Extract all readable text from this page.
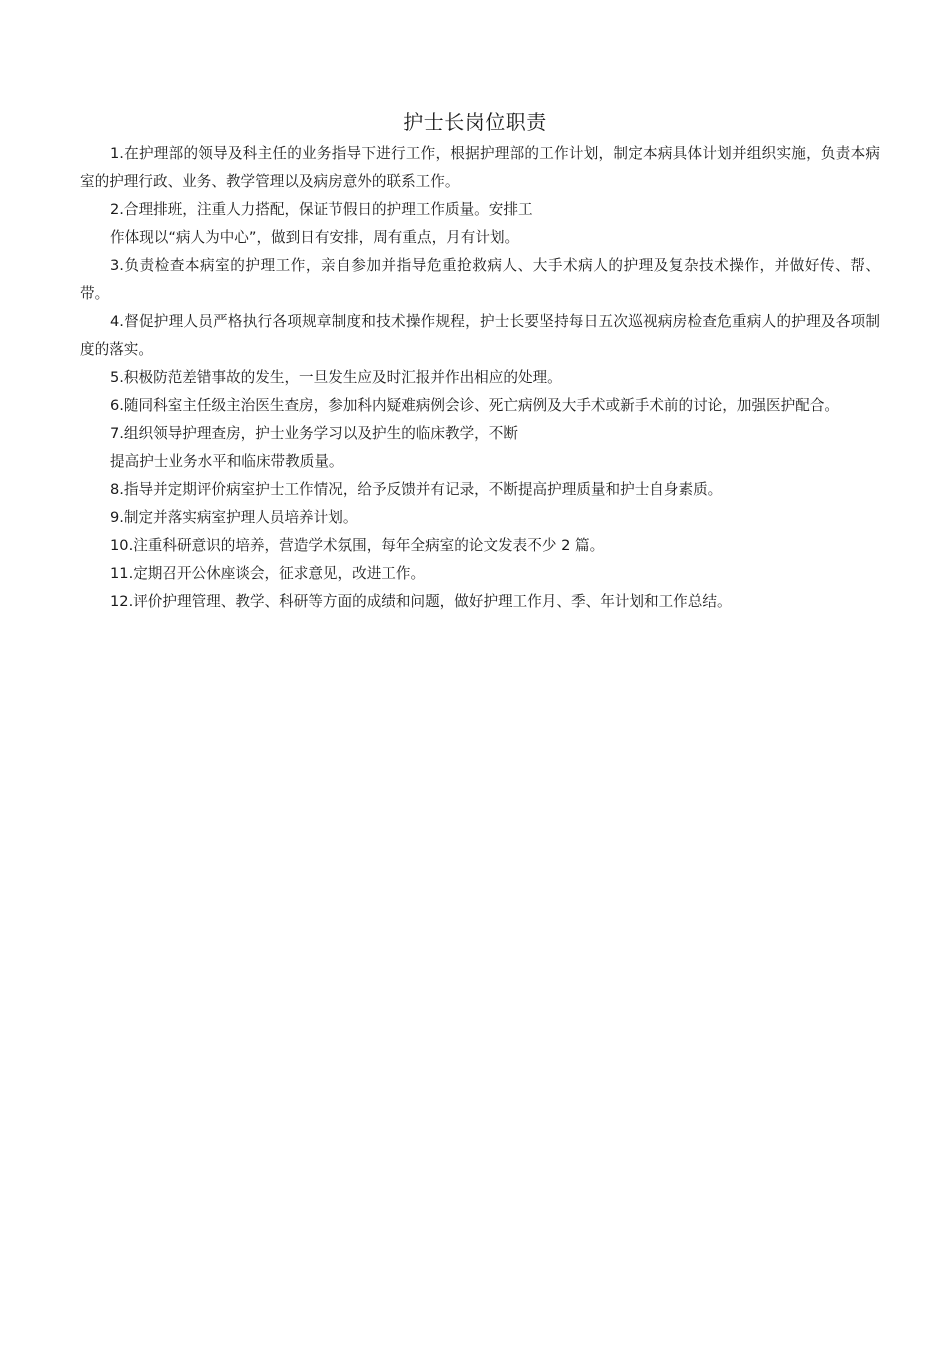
护士长岗位职责

1.在护理部的领导及科主任的业务指导下进行工作，根据护理部的工作计划，制定本病具体计划并组织实施，负责本病室的护理行政、业务、教学管理以及病房意外的联系工作。

2.合理排班，注重人力搭配，保证节假日的护理工作质量。安排工

作体现以“病人为中心”，做到日有安排，周有重点，月有计划。

3.负责检查本病室的护理工作，亲自参加并指导危重抢救病人、大手术病人的护理及复杂技术操作，并做好传、帮、带。

4.督促护理人员严格执行各项规章制度和技术操作规程，护士长要坚持每日五次巡视病房检查危重病人的护理及各项制度的落实。

5.积极防范差错事故的发生，一旦发生应及时汇报并作出相应的处理。

6.随同科室主任级主治医生查房，参加科内疑难病例会诊、死亡病例及大手术或新手术前的讨论，加强医护配合。

7.组织领导护理查房，护士业务学习以及护生的临床教学，不断

提高护士业务水平和临床带教质量。

8.指导并定期评价病室护士工作情况，给予反馈并有记录，不断提高护理质量和护士自身素质。

9.制定并落实病室护理人员培养计划。

10.注重科研意识的培养，营造学术氛围，每年全病室的论文发表不少 2 篇。

11.定期召开公休座谈会，征求意见，改进工作。

12.评价护理管理、教学、科研等方面的成绩和问题，做好护理工作月、季、年计划和工作总结。
